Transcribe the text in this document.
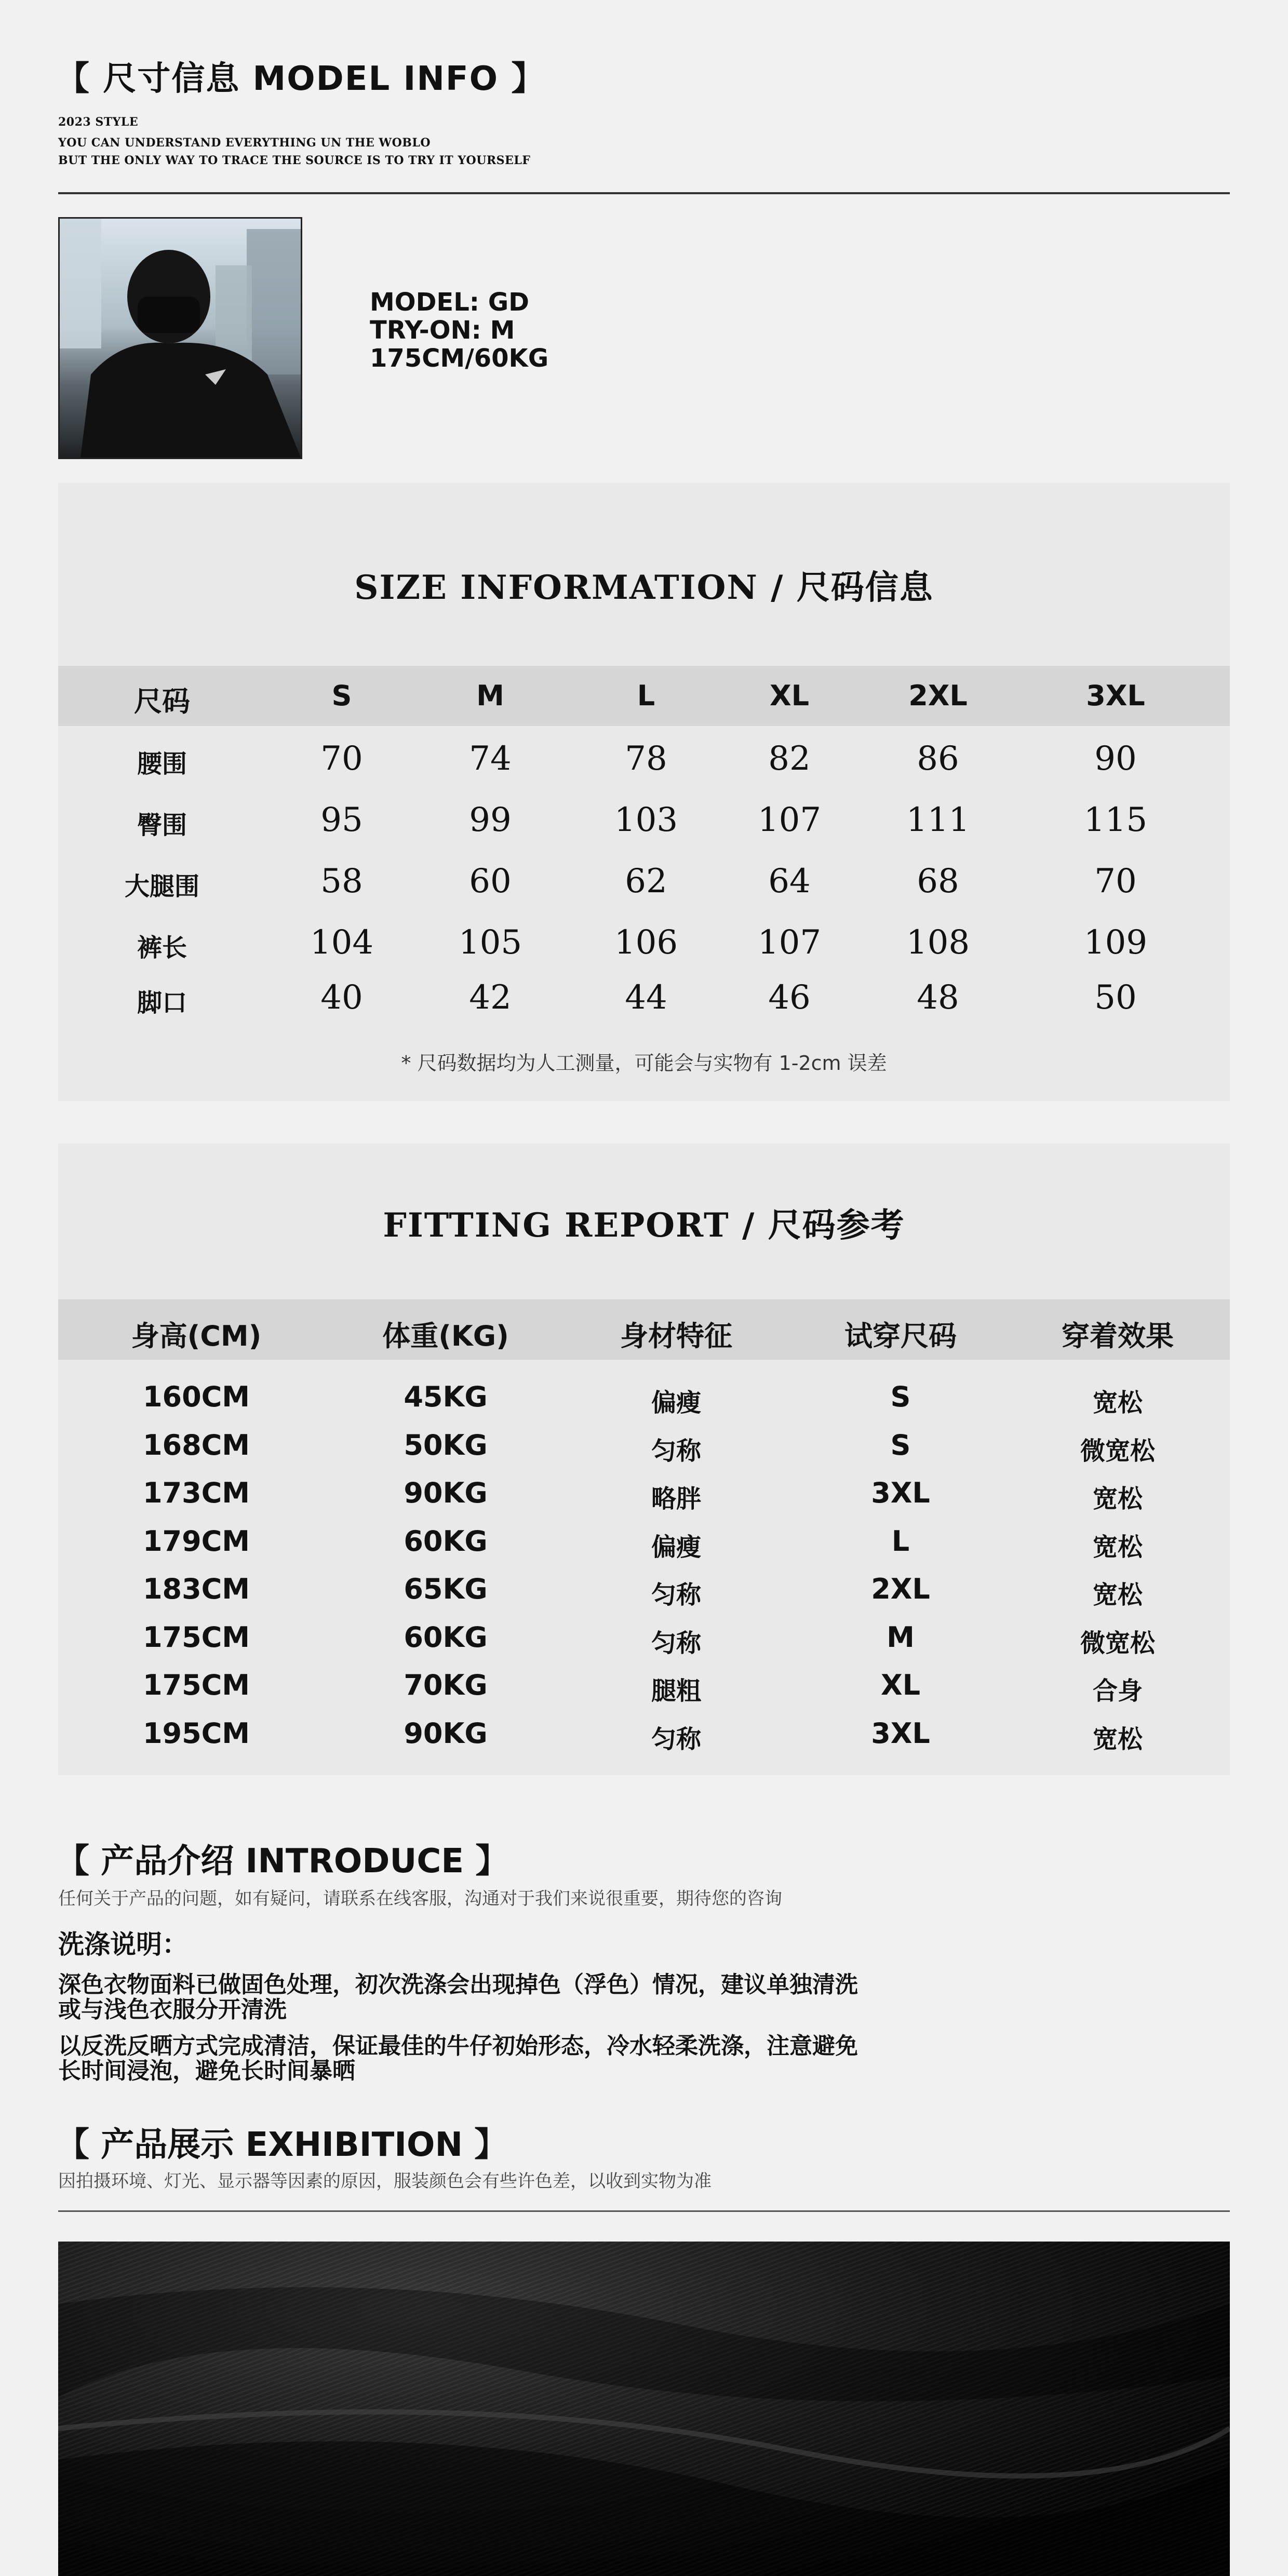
【 尺寸信息 MODEL INFO 】
2023 STYLE
YOU CAN UNDERSTAND EVERYTHING UN THE WOBLO
BUT THE ONLY WAY TO TRACE THE SOURCE IS TO TRY IT YOURSELF
MODEL: GD
TRY-ON: M
175CM/60KG
SIZE INFORMATION / 尺码信息
尺码	S	M	L	XL	2XL	3XL
腰围	70	74	78	82	86	90
臀围	95	99	103	107	111	115
大腿围	58	60	62	64	68	70
裤长	104	105	106	107	108	109
脚口	40	42	44	46	48	50
* 尺码数据均为人工测量，可能会与实物有 1-2cm 误差
FITTING REPORT / 尺码参考
身高(CM)	体重(KG)	身材特征	试穿尺码	穿着效果
160CM	45KG	偏瘦	S	宽松
168CM	50KG	匀称	S	微宽松
173CM	90KG	略胖	3XL	宽松
179CM	60KG	偏瘦	L	宽松
183CM	65KG	匀称	2XL	宽松
175CM	60KG	匀称	M	微宽松
175CM	70KG	腿粗	XL	合身
195CM	90KG	匀称	3XL	宽松
【 产品介绍 INTRODUCE 】
任何关于产品的问题，如有疑问，请联系在线客服，沟通对于我们来说很重要，期待您的咨询
洗涤说明：
深色衣物面料已做固色处理，初次洗涤会出现掉色（浮色）情况，建议单独清洗
或与浅色衣服分开清洗
以反洗反晒方式完成清洁，保证最佳的牛仔初始形态，冷水轻柔洗涤，注意避免
长时间浸泡，避免长时间暴晒
【 产品展示 EXHIBITION 】
因拍摄环境、灯光、显示器等因素的原因，服装颜色会有些许色差，以收到实物为准
